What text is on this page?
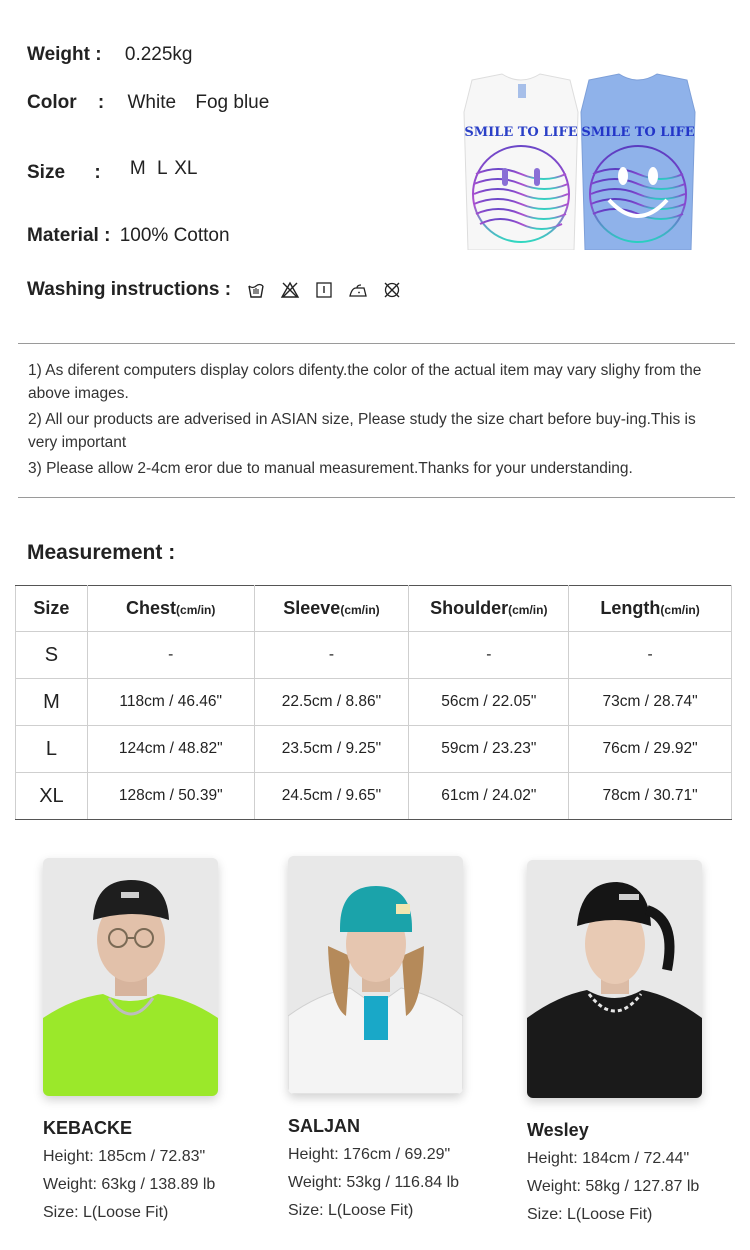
Weight : 0.225kg
Color : White Fog blue
Size : M L XL
Material : 100% Cotton
Washing instructions :
SMILE TO LIFE SMILE TO LIFE

1) As diferent computers display colors difenty.the color of the actual item may vary slighy from the above images.

2) All our products are adverised in ASIAN size, Please study the size chart before buy-ing.This is very important

3) Please allow 2-4cm eror due to manual measurement.Thanks for your understanding.

Measurement :
Size	Chest(cm/in)	Sleeve(cm/in)	Shoulder(cm/in)	Length(cm/in)
S	-	-	-	-
M	118cm / 46.46"	22.5cm / 8.86"	56cm / 22.05"	73cm / 28.74"
L	124cm / 48.82"	23.5cm / 9.25"	59cm / 23.23"	76cm / 29.92"
XL	128cm / 50.39"	24.5cm / 9.65"	61cm / 24.02"	78cm / 30.71"
KEBACKE
Height: 185cm / 72.83"
Weight: 63kg / 138.89 lb
Size: L(Loose Fit)
SALJAN
Height: 176cm / 69.29"
Weight: 53kg / 116.84 lb
Size: L(Loose Fit)
Wesley
Height: 184cm / 72.44"
Weight: 58kg / 127.87 lb
Size: L(Loose Fit)
